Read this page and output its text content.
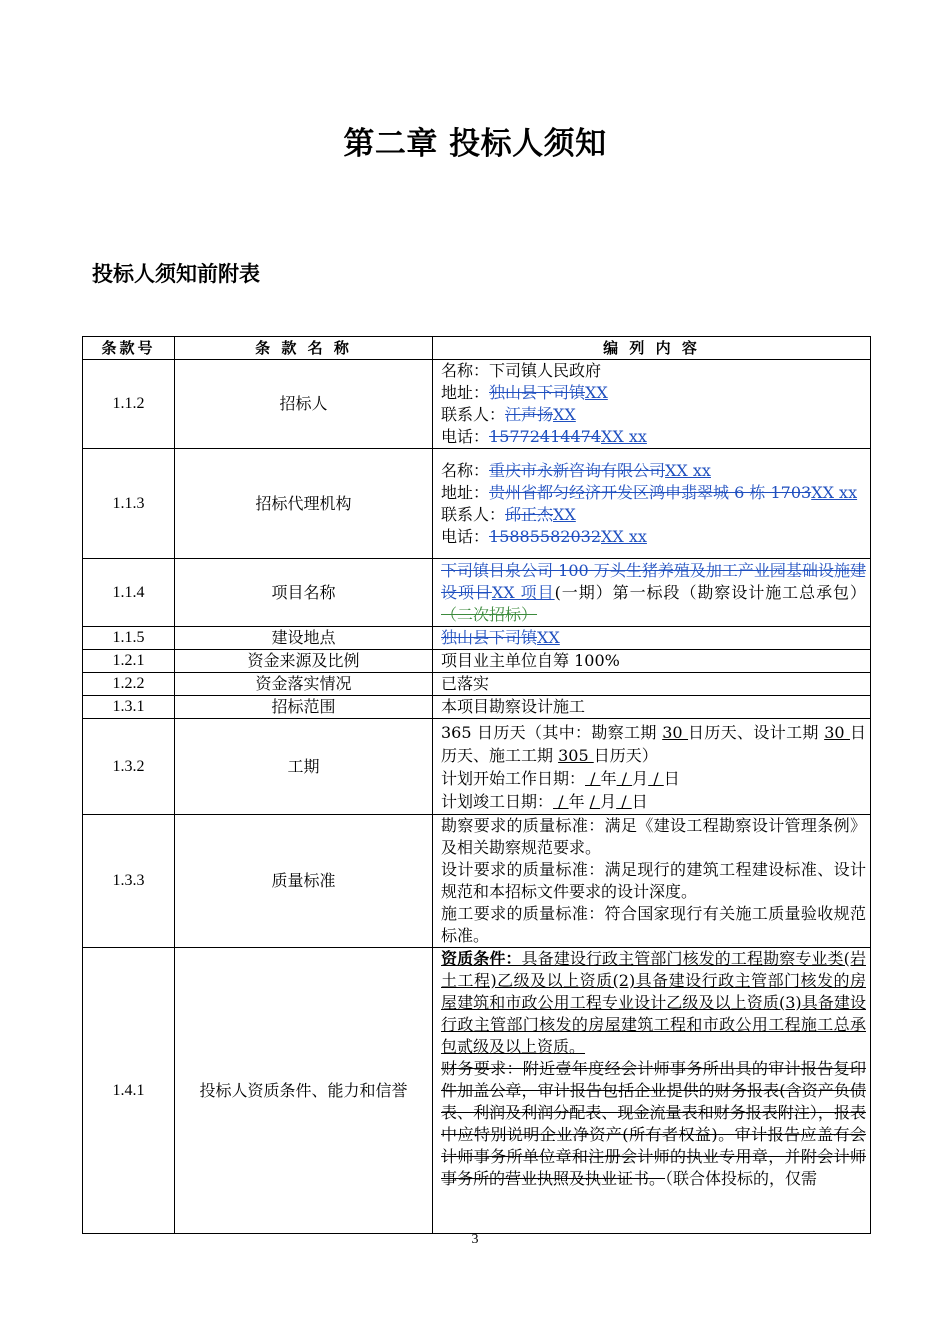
第二章 投标人须知
投标人须知前附表
条款号	条 款 名 称	编 列 内 容
1.1.2	招标人	名称：下司镇人民政府
地址：独山县下司镇XX
联系人：江声扬XX
电话：15772414474XX xx

1.1.3	招标代理机构	名称：重庆市永新咨询有限公司XX xx
地址：贵州省都匀经济开发区鸿申翡翠城 6 栋 1703XX xx
联系人：邱正杰XX
电话：15885582032XX xx

1.1.4	项目名称	下司镇目泉公司 100 万头生猪养殖及加工产业园基础设施建设项目XX 项目(一期）第一标段（勘察设计施工总承包）（二次招标）
1.1.5	建设地点	独山县下司镇XX
1.2.1	资金来源及比例	项目业主单位自筹 100%
1.2.2	资金落实情况	已落实
1.3.1	招标范围	本项目勘察设计施工
1.3.2	工期	365 日历天（其中：勘察工期 30 日历天、设计工期 30 日历天、施工工期 305 日历天）
计划开始工作日期： / 年 / 月 / 日
计划竣工日期： / 年 / 月 / 日

1.3.3	质量标准	勘察要求的质量标准：满足《建设工程勘察设计管理条例》及相关勘察规范要求。
设计要求的质量标准：满足现行的建筑工程建设标准、设计规范和本招标文件要求的设计深度。
施工要求的质量标准：符合国家现行有关施工质量验收规范标准。

1.4.1	投标人资质条件、能力和信誉	资质条件：具备建设行政主管部门核发的工程勘察专业类(岩土工程)乙级及以上资质(2)具备建设行政主管部门核发的房屋建筑和市政公用工程专业设计乙级及以上资质(3)具备建设行政主管部门核发的房屋建筑工程和市政公用工程施工总承包贰级及以上资质。
财务要求：附近壹年度经会计师事务所出具的审计报告复印件加盖公章，审计报告包括企业提供的财务报表(含资产负债表、利润及利润分配表、现金流量表和财务报表附注），报表中应特别说明企业净资产(所有者权益)。审计报告应盖有会计师事务所单位章和注册会计师的执业专用章，并附会计师事务所的营业执照及执业证书。（联合体投标的，仅需
3
